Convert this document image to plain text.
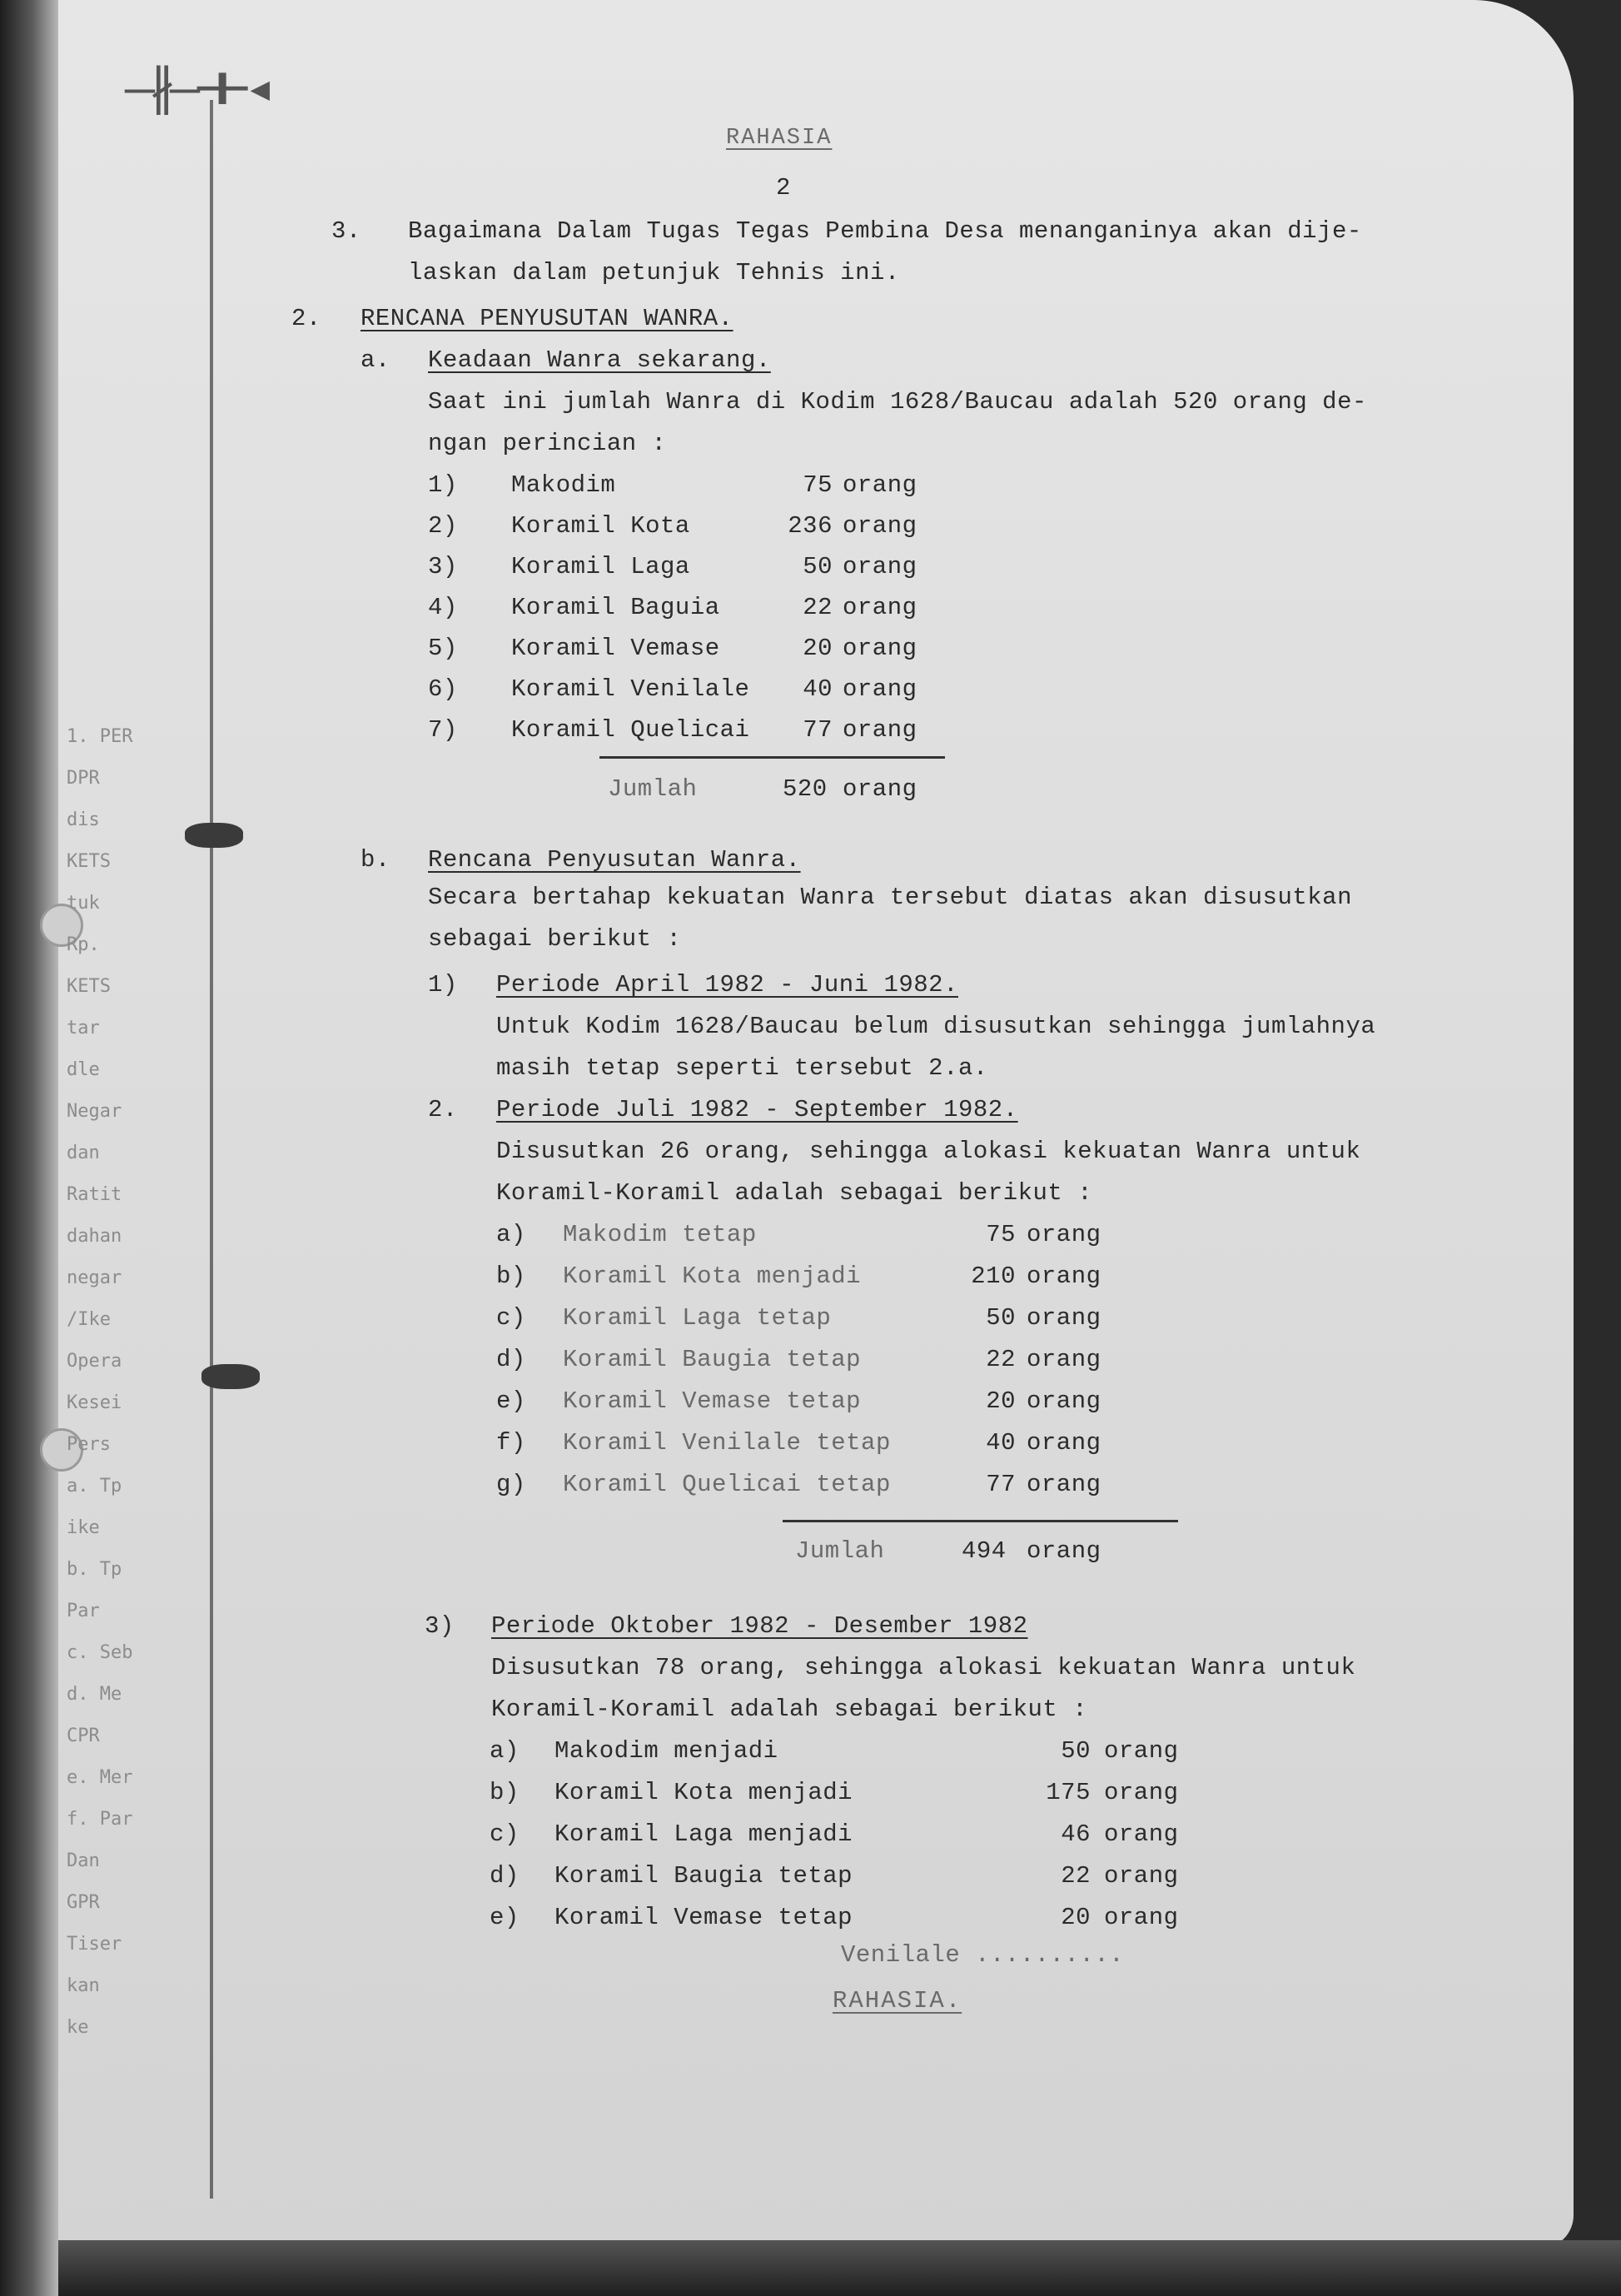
—∦—⊣⊢◂
1. PER
DPR
dis
KETS
tuk
Rp.
KETS
tar
dle
Negar
dan
Ratit
dahan
negar
/Ike
Opera
Kesei
Pers
a. Tp
ike
b. Tp
Par
c. Seb
d. Me
CPR
e. Mer
f. Par
Dan
GPR
Tiser
kan
ke
RAHASIA
2
3. Bagaimana Dalam Tugas Tegas Pembina Desa menanganinya akan dije-
laskan dalam petunjuk Tehnis ini.
2. RENCANA PENYUSUTAN WANRA.
a. Keadaan Wanra sekarang.
Saat ini jumlah Wanra di Kodim 1628/Baucau adalah 520 orang de-
ngan perincian :
1) Makodim	75 orang
2) Koramil Kota	236 orang
3) Koramil Laga	50 orang
4) Koramil Baguia	22 orang
5) Koramil Vemase	20 orang
6) Koramil Venilale	40 orang
7) Koramil Quelicai	77 orang
Jumlah	520 orang
b. Rencana Penyusutan Wanra.
Secara bertahap kekuatan Wanra tersebut diatas akan disusutkan
sebagai berikut :
1) Periode April 1982 - Juni 1982.
Untuk Kodim 1628/Baucau belum disusutkan sehingga jumlahnya
masih tetap seperti tersebut 2.a.
2. Periode Juli 1982 - September 1982.
Disusutkan 26 orang, sehingga alokasi kekuatan Wanra untuk
Koramil-Koramil adalah sebagai berikut :
a) Makodim tetap	75 orang
b) Koramil Kota menjadi	210 orang
c) Koramil Laga tetap	50 orang
d) Koramil Baugia tetap	22 orang
e) Koramil Vemase tetap	20 orang
f) Koramil Venilale tetap	40 orang
g) Koramil Quelicai tetap	77 orang
Jumlah	494 orang
3) Periode Oktober 1982 - Desember 1982
Disusutkan 78 orang, sehingga alokasi kekuatan Wanra untuk
Koramil-Koramil adalah sebagai berikut :
a) Makodim menjadi	50 orang
b) Koramil Kota menjadi	175 orang
c) Koramil Laga menjadi	46 orang
d) Koramil Baugia tetap	22 orang
e) Koramil Vemase tetap	20 orang
Venilale ..........
RAHASIA.
